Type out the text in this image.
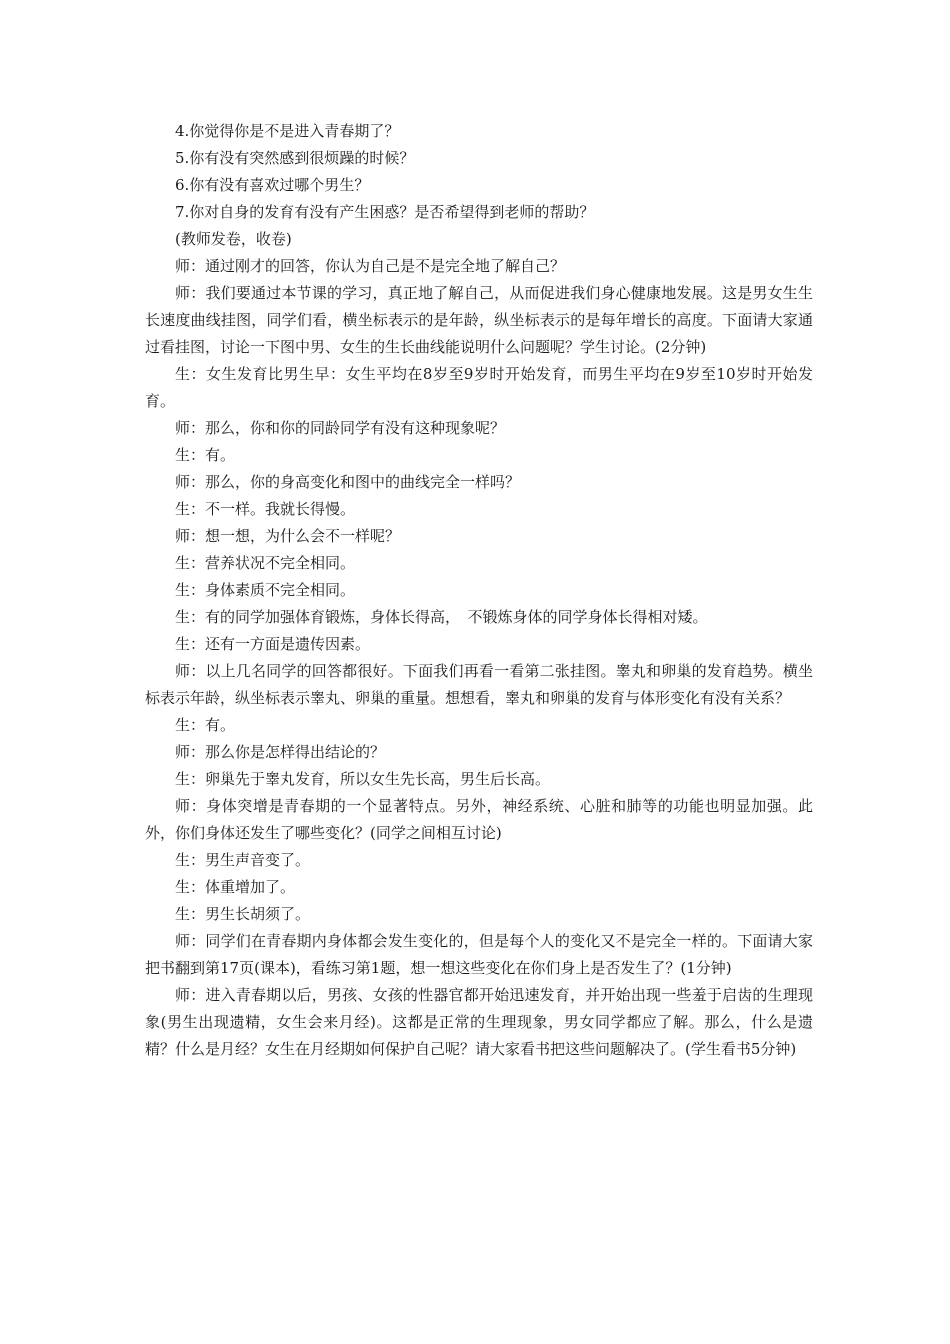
4.你觉得你是不是进入青春期了？

5.你有没有突然感到很烦躁的时候？

6.你有没有喜欢过哪个男生？

7.你对自身的发育有没有产生困惑？是否希望得到老师的帮助？

(教师发卷，收卷)

师：通过刚才的回答，你认为自己是不是完全地了解自己？

师：我们要通过本节课的学习，真正地了解自己，从而促进我们身心健康地发展。这是男女生生长速度曲线挂图，同学们看，横坐标表示的是年龄，纵坐标表示的是每年增长的高度。下面请大家通过看挂图，讨论一下图中男、女生的生长曲线能说明什么问题呢？学生讨论。(2分钟)

生：女生发育比男生早：女生平均在8岁至9岁时开始发育，而男生平均在9岁至10岁时开始发育。

师：那么，你和你的同龄同学有没有这种现象呢？

生：有。

师：那么，你的身高变化和图中的曲线完全一样吗？

生：不一样。我就长得慢。

师：想一想，为什么会不一样呢？

生：营养状况不完全相同。

生：身体素质不完全相同。

生：有的同学加强体育锻炼，身体长得高，　不锻炼身体的同学身体长得相对矮。

生：还有一方面是遗传因素。

师：以上几名同学的回答都很好。下面我们再看一看第二张挂图。睾丸和卵巢的发育趋势。横坐标表示年龄，纵坐标表示睾丸、卵巢的重量。想想看，睾丸和卵巢的发育与体形变化有没有关系？

生：有。

师：那么你是怎样得出结论的？

生：卵巢先于睾丸发育，所以女生先长高，男生后长高。

师：身体突增是青春期的一个显著特点。另外，神经系统、心脏和肺等的功能也明显加强。此外，你们身体还发生了哪些变化？(同学之间相互讨论)

生：男生声音变了。

生：体重增加了。

生：男生长胡须了。

师：同学们在青春期内身体都会发生变化的，但是每个人的变化又不是完全一样的。下面请大家把书翻到第17页(课本)，看练习第1题，想一想这些变化在你们身上是否发生了？(1分钟)

师：进入青春期以后，男孩、女孩的性器官都开始迅速发育，并开始出现一些羞于启齿的生理现象(男生出现遗精，女生会来月经)。这都是正常的生理现象，男女同学都应了解。那么，什么是遗精？什么是月经？女生在月经期如何保护自己呢？请大家看书把这些问题解决了。(学生看书5分钟)
